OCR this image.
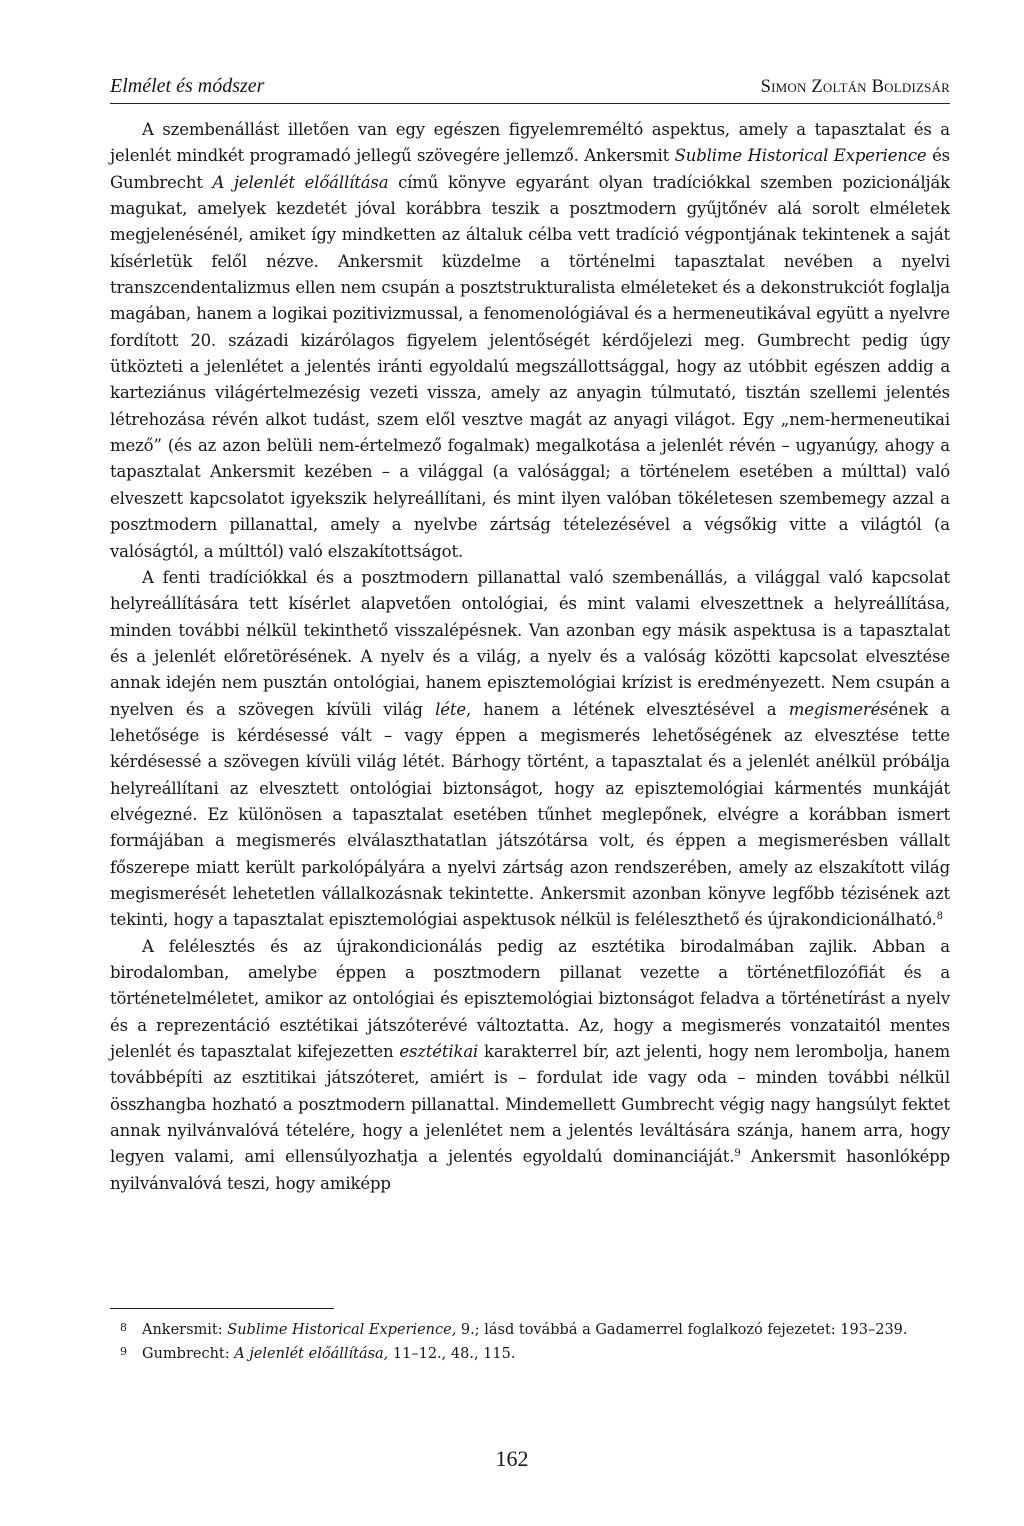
Elmélet és módszer	Simon Zoltán Boldizsár

A szembenállást illetően van egy egészen figyelemreméltó aspektus, amely a tapasztalat és a jelenlét mindkét programadó jellegű szövegére jellemző. Ankersmit Sublime Historical Experience és Gumbrecht A jelenlét előállítása című könyve egyaránt olyan tradíciókkal szemben pozicionálják magukat, amelyek kezdetét jóval korábbra teszik a posztmodern gyűjtőnév alá sorolt elméletek megjelenésénél, amiket így mindketten az általuk célba vett tradíció végpontjának tekintenek a saját kísérletük felől nézve. Ankersmit küzdelme a történelmi tapasztalat nevében a nyelvi transzcendentalizmus ellen nem csupán a posztstrukturalista elméleteket és a dekonstrukciót foglalja magában, hanem a logikai pozitivizmussal, a fenomenológiával és a hermeneutikával együtt a nyelvre fordított 20. századi kizárólagos figyelem jelentőségét kérdőjelezi meg. Gumbrecht pedig úgy ütközteti a jelenlétet a jelentés iránti egyoldalú megszállottsággal, hogy az utóbbit egészen addig a karteziánus világértelmezésig vezeti vissza, amely az anyagin túlmutató, tisztán szellemi jelentés létrehozása révén alkot tudást, szem elől vesztve magát az anyagi világot. Egy „nem-hermeneutikai mező” (és az azon belüli nem-értelmező fogalmak) megalkotása a jelenlét révén – ugyanúgy, ahogy a tapasztalat Ankersmit kezében – a világgal (a valósággal; a történelem esetében a múlttal) való elveszett kapcsolatot igyekszik helyreállítani, és mint ilyen valóban tökéletesen szembemegy azzal a posztmodern pillanattal, amely a nyelvbe zártság tételezésével a végsőkig vitte a világtól (a valóságtól, a múlttól) való elszakítottságot.

A fenti tradíciókkal és a posztmodern pillanattal való szembenállás, a világgal való kapcsolat helyreállítására tett kísérlet alapvetően ontológiai, és mint valami elveszettnek a helyreállítása, minden további nélkül tekinthető visszalépésnek. Van azonban egy másik aspektusa is a tapasztalat és a jelenlét előretörésének. A nyelv és a világ, a nyelv és a valóság közötti kapcsolat elvesztése annak idején nem pusztán ontológiai, hanem episztemológiai krízist is eredményezett. Nem csupán a nyelven és a szövegen kívüli világ léte, hanem a létének elvesztésével a megismerésének a lehetősége is kérdésessé vált – vagy éppen a megismerés lehetőségének az elvesztése tette kérdésessé a szövegen kívüli világ létét. Bárhogy történt, a tapasztalat és a jelenlét anélkül próbálja helyreállítani az elvesztett ontológiai biztonságot, hogy az episztemológiai kármentés munkáját elvégezné. Ez különösen a tapasztalat esetében tűnhet meglepőnek, elvégre a korábban ismert formájában a megismerés elválaszthatatlan játszótársa volt, és éppen a megismerésben vállalt főszerepe miatt került parkolópályára a nyelvi zártság azon rendszerében, amely az elszakított világ megismerését lehetetlen vállalkozásnak tekintette. Ankersmit azonban könyve legfőbb tézisének azt tekinti, hogy a tapasztalat episztemológiai aspektusok nélkül is feléleszthető és újrakondicionálható.$^8$

A felélesztés és az újrakondicionálás pedig az esztétika birodalmában zajlik. Abban a birodalomban, amelybe éppen a posztmodern pillanat vezette a történetfilozófiát és a történetelméletet, amikor az ontológiai és episztemológiai biztonságot feladva a történetírást a nyelv és a reprezentáció esztétikai játszóterévé változtatta. Az, hogy a megismerés vonzataitól mentes jelenlét és tapasztalat kifejezetten esztétikai karakterrel bír, azt jelenti, hogy nem lerombolja, hanem továbbépíti az esztitikai játszóteret, amiért is – fordulat ide vagy oda – minden további nélkül összhangba hozható a posztmodern pillanattal. Mindemellett Gumbrecht végig nagy hangsúlyt fektet annak nyilvánvalóvá tételére, hogy a jelenlétet nem a jelentés leváltására szánja, hanem arra, hogy legyen valami, ami ellensúlyozhatja a jelentés egyoldalú dominanciáját.$^9$ Ankersmit hasonlóképp nyilvánvalóvá teszi, hogy amiképp

8 Ankersmit: Sublime Historical Experience, 9.; lásd továbbá a Gadamerrel foglalkozó fejezetet: 193–239.

9 Gumbrecht: A jelenlét előállítása, 11–12., 48., 115.

162
